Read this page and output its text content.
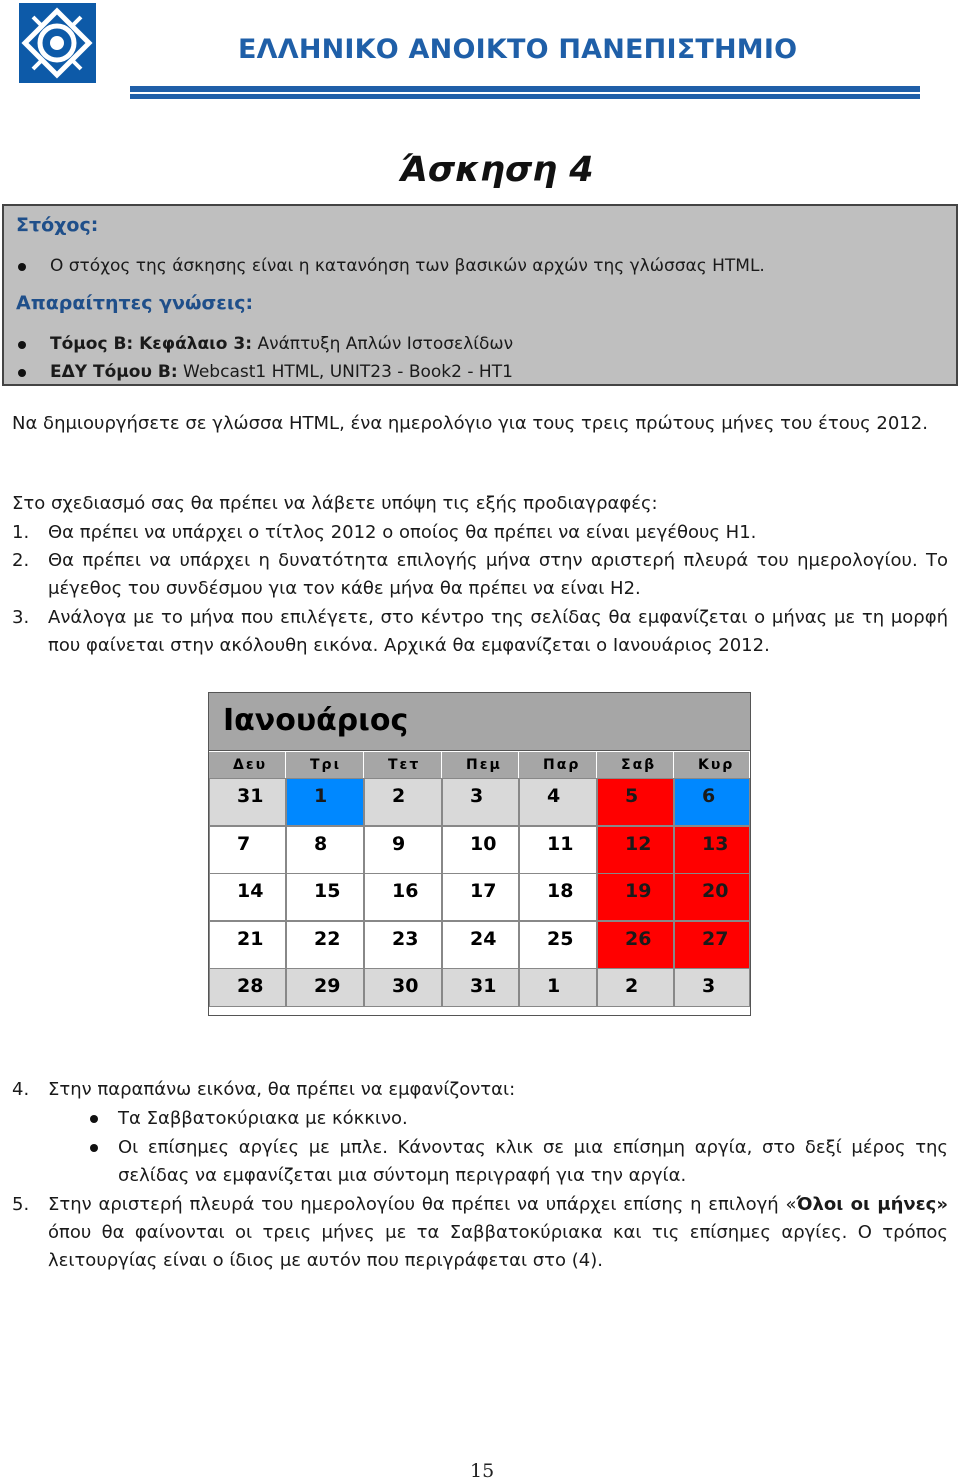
ΕΛΛΗΝΙΚΟ ΑΝΟΙΚΤΟ ΠΑΝΕΠΙΣΤΗΜΙΟ
Άσκηση 4
Στόχος:
Ο στόχος της άσκησης είναι η κατανόηση των βασικών αρχών της γλώσσας HTML.
Απαραίτητες γνώσεις:
Τόμος Β: Κεφάλαιο 3: Ανάπτυξη Απλών Ιστοσελίδων
ΕΔΥ Τόμου Β: Webcast1 HTML, UNIT23 - Book2 - HT1
Να δημιουργήσετε σε γλώσσα HTML, ένα ημερολόγιο για τους τρεις πρώτους μήνες του έτους 2012.
Στο σχεδιασμό σας θα πρέπει να λάβετε υπόψη τις εξής προδιαγραφές:
1. Θα πρέπει να υπάρχει ο τίτλος 2012 ο οποίος θα πρέπει να είναι μεγέθους H1.
2. Θα πρέπει να υπάρχει η δυνατότητα επιλογής μήνα στην αριστερή πλευρά του ημερολογίου. Το μέγεθος του συνδέσμου για τον κάθε μήνα θα πρέπει να είναι H2.
3. Ανάλογα με το μήνα που επιλέγετε, στο κέντρο της σελίδας θα εμφανίζεται ο μήνας με τη μορφή που φαίνεται στην ακόλουθη εικόνα. Αρχικά θα εμφανίζεται ο Ιανουάριος 2012.
Ιανουάριος
Δευ	Τρι	Τετ	Πεμ	Παρ	Σαβ	Κυρ
31	1	2	3	4	5	6
7	8	9	10	11	12	13
14	15	16	17	18	19	20
21	22	23	24	25	26	27
28	29	30	31	1	2	3
4. Στην παραπάνω εικόνα, θα πρέπει να εμφανίζονται:
Τα Σαββατοκύριακα με κόκκινο.
Οι επίσημες αργίες με μπλε. Κάνοντας κλικ σε μια επίσημη αργία, στο δεξί μέρος της σελίδας να εμφανίζεται μια σύντομη περιγραφή για την αργία.
5. Στην αριστερή πλευρά του ημερολογίου θα πρέπει να υπάρχει επίσης η επιλογή «Όλοι οι μήνες» όπου θα φαίνονται οι τρεις μήνες με τα Σαββατοκύριακα και τις επίσημες αργίες. Ο τρόπος λειτουργίας είναι ο ίδιος με αυτόν που περιγράφεται στο (4).
15
